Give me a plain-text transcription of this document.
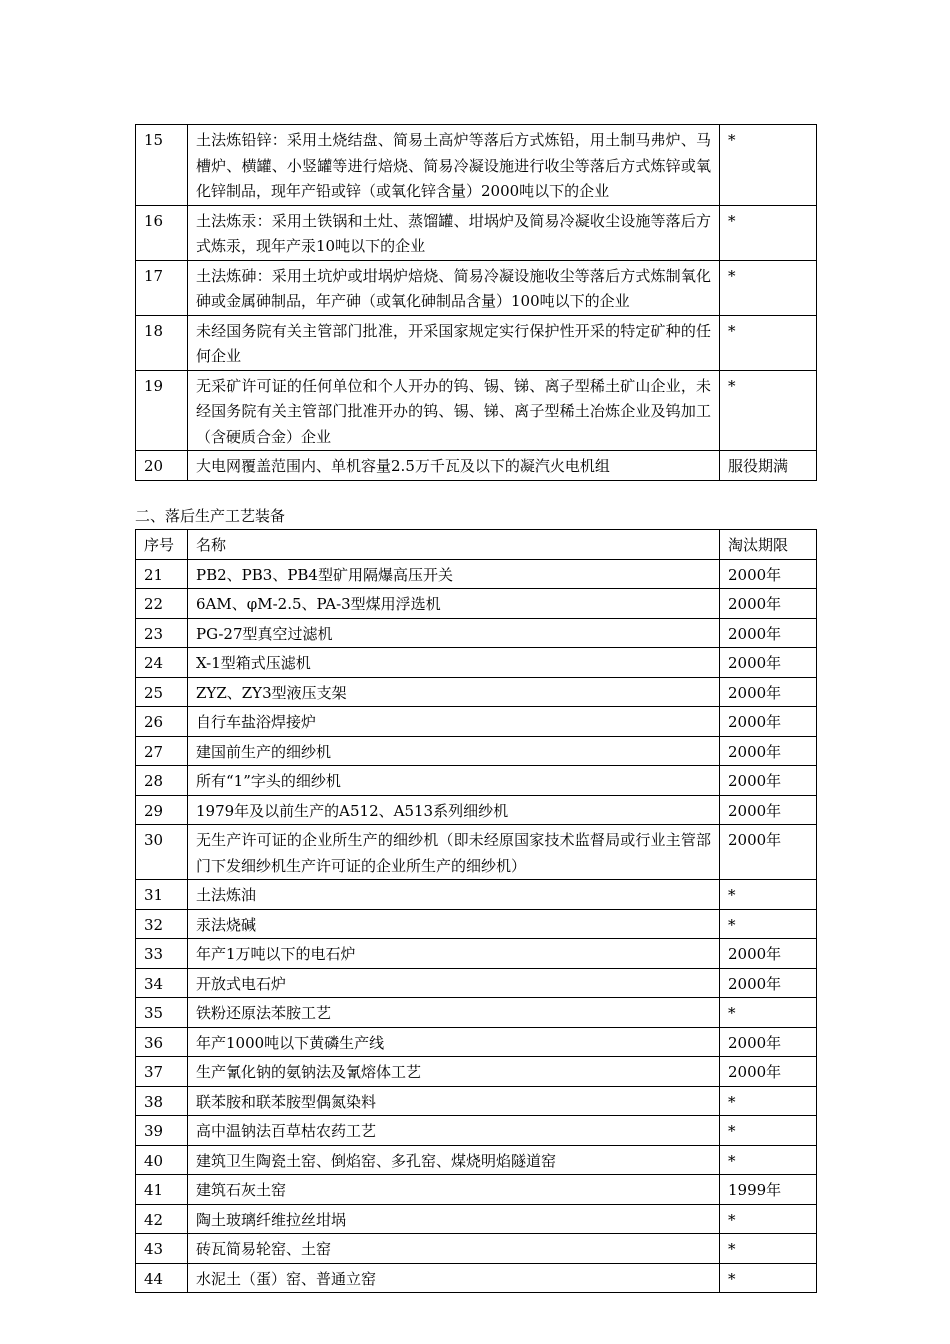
15	土法炼铅锌：采用土烧结盘、简易土高炉等落后方式炼铅，用土制马弗炉、马槽炉、横罐、小竖罐等进行焙烧、简易冷凝设施进行收尘等落后方式炼锌或氧化锌制品，现年产铅或锌（或氧化锌含量）2000吨以下的企业	*
16	土法炼汞：采用土铁锅和土灶、蒸馏罐、坩埚炉及简易冷凝收尘设施等落后方式炼汞，现年产汞10吨以下的企业	*
17	土法炼砷：采用土坑炉或坩埚炉焙烧、简易冷凝设施收尘等落后方式炼制氧化砷或金属砷制品，年产砷（或氧化砷制品含量）100吨以下的企业	*
18	未经国务院有关主管部门批准，开采国家规定实行保护性开采的特定矿种的任何企业	*
19	无采矿许可证的任何单位和个人开办的钨、锡、锑、离子型稀土矿山企业，未经国务院有关主管部门批准开办的钨、锡、锑、离子型稀土冶炼企业及钨加工（含硬质合金）企业	*
20	大电网覆盖范围内、单机容量2.5万千瓦及以下的凝汽火电机组	服役期满
二、落后生产工艺装备
序号	名称	淘汰期限
21	PB2、PB3、PB4型矿用隔爆高压开关	2000年
22	6AM、φM-2.5、PA-3型煤用浮选机	2000年
23	PG-27型真空过滤机	2000年
24	X-1型箱式压滤机	2000年
25	ZYZ、ZY3型液压支架	2000年
26	自行车盐浴焊接炉	2000年
27	建国前生产的细纱机	2000年
28	所有“1”字头的细纱机	2000年
29	1979年及以前生产的A512、A513系列细纱机	2000年
30	无生产许可证的企业所生产的细纱机（即未经原国家技术监督局或行业主管部门下发细纱机生产许可证的企业所生产的细纱机）	2000年
31	土法炼油	*
32	汞法烧碱	*
33	年产1万吨以下的电石炉	2000年
34	开放式电石炉	2000年
35	铁粉还原法苯胺工艺	*
36	年产1000吨以下黄磷生产线	2000年
37	生产氰化钠的氨钠法及氰熔体工艺	2000年
38	联苯胺和联苯胺型偶氮染料	*
39	高中温钠法百草枯农药工艺	*
40	建筑卫生陶瓷土窑、倒焰窑、多孔窑、煤烧明焰隧道窑	*
41	建筑石灰土窑	1999年
42	陶土玻璃纤维拉丝坩埚	*
43	砖瓦简易轮窑、土窑	*
44	水泥土（蛋）窑、普通立窑	*
